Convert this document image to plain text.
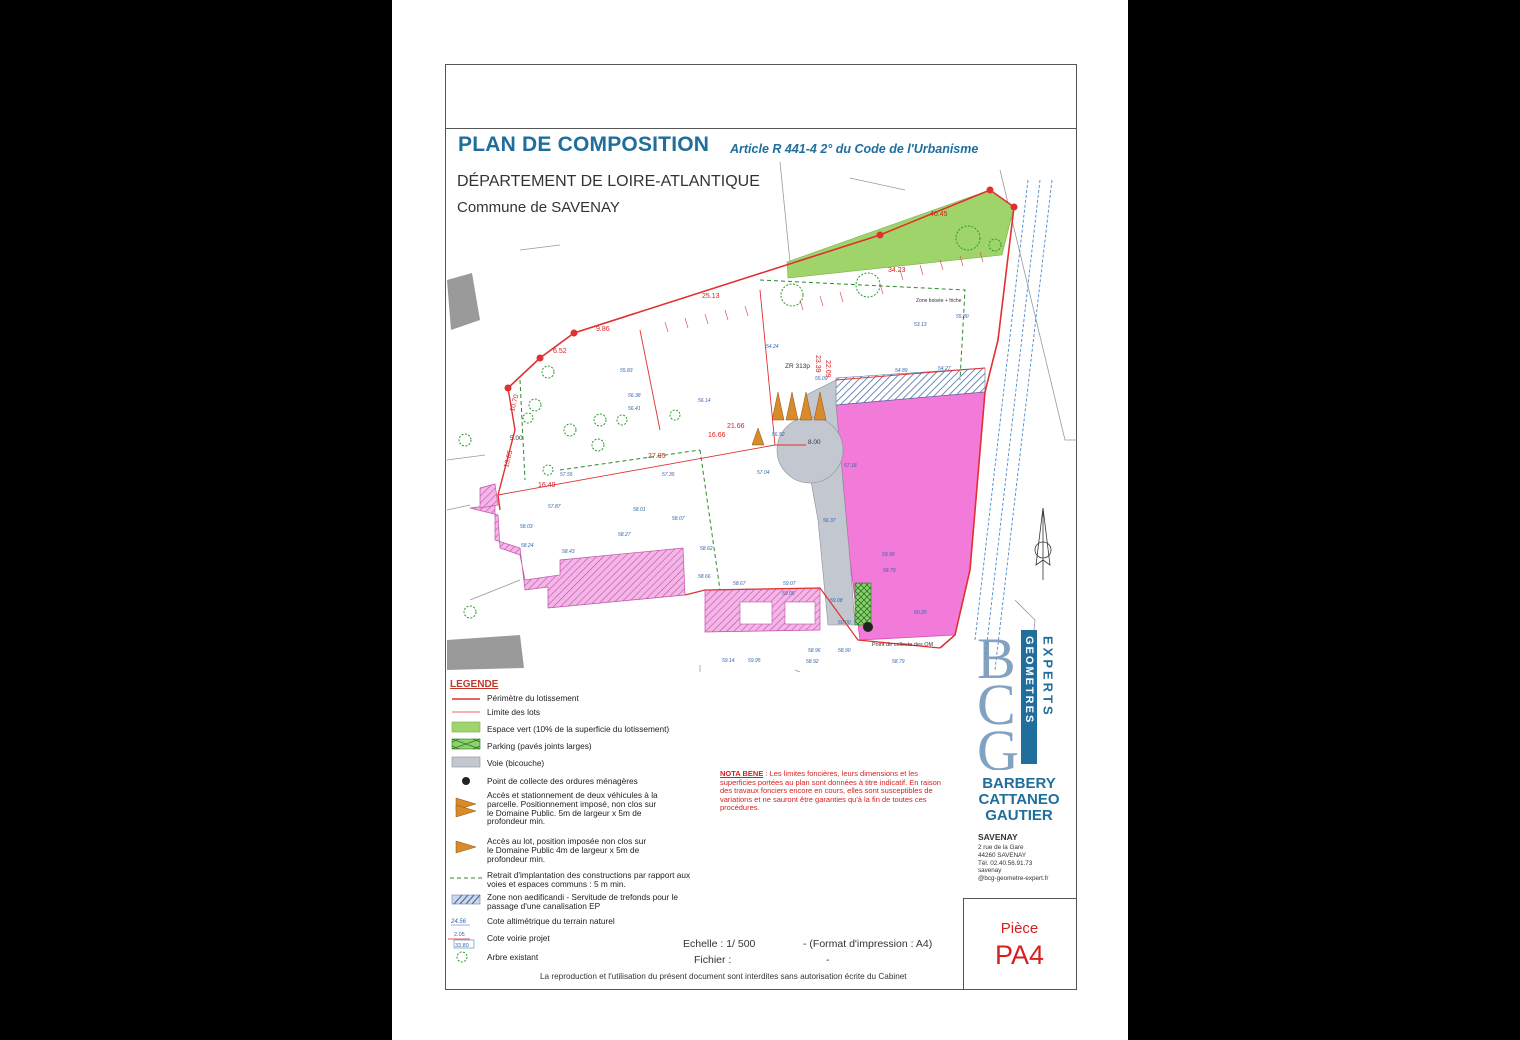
PLAN DE COMPOSITION Article R 441-4 2° du Code de l'Urbanisme
DÉPARTEMENT DE LOIRE-ATLANTIQUE
Commune de SAVENAY
25.13
9.86
6.52
10.70
22.09
23.39
34.23
40.45
21.66
16.66
27.95
16.49
13.85
5.00
8.00
ZR 313p
Zone boisée + friche
Point de collecte des OM
54.24
55.09
55.83
56.14
56.38
56.41
56.37
56.52
57.04
57.18
57.35
57.55
57.87	58.01
58.03
58.07
58.24
58.27
58.43	58.62
58.66
58.67
58.79
58.90
58.92
58.96
59.05
59.07
59.08
59.14	59.95
59.99
60.00
60.20
54.89	54.27
53.13
55.80
58.79
LEGENDE
24.56
2.05
33.80
Périmètre du lotissement
Limite des lots
Espace vert (10% de la superficie du lotissement)
Parking (pavés joints larges)
Voie (bicouche)
Point de collecte des ordures ménagères
Accès et stationnement de deux véhicules à la parcelle. Positionnement imposé, non clos sur le Domaine Public. 5m de largeur x 5m de profondeur min.
Accès au lot, position imposée non clos sur le Domaine Public 4m de largeur x 5m de profondeur min.
Retrait d'implantation des constructions par rapport aux voies et espaces communs : 5 m min.
Zone non aedificandi - Servitude de trefonds pour le passage d'une canalisation EP
Cote altimétrique du terrain naturel
Cote voirie projet
Arbre existant
NOTA BENE : Les limites foncières, leurs dimensions et les superficies portées au plan sont données à titre indicatif. En raison des travaux fonciers encore en cours, elles sont susceptibles de variations et ne sauront être garanties qu'à la fin de toutes ces procédures.
B
C
G
GEOMETRES EXPERTS
BARBERY
CATTANEO
GAUTIER
SAVENAY
2 rue de la Gare
44260 SAVENAY
Tél. 02.40.56.91.73
savenay
@bcg-geometre-expert.fr
Pièce
PA4
Echelle : 1/ 500	- (Format d'impression : A4)
Fichier :	-
La reproduction et l'utilisation du présent document sont interdites sans autorisation écrite du Cabinet
